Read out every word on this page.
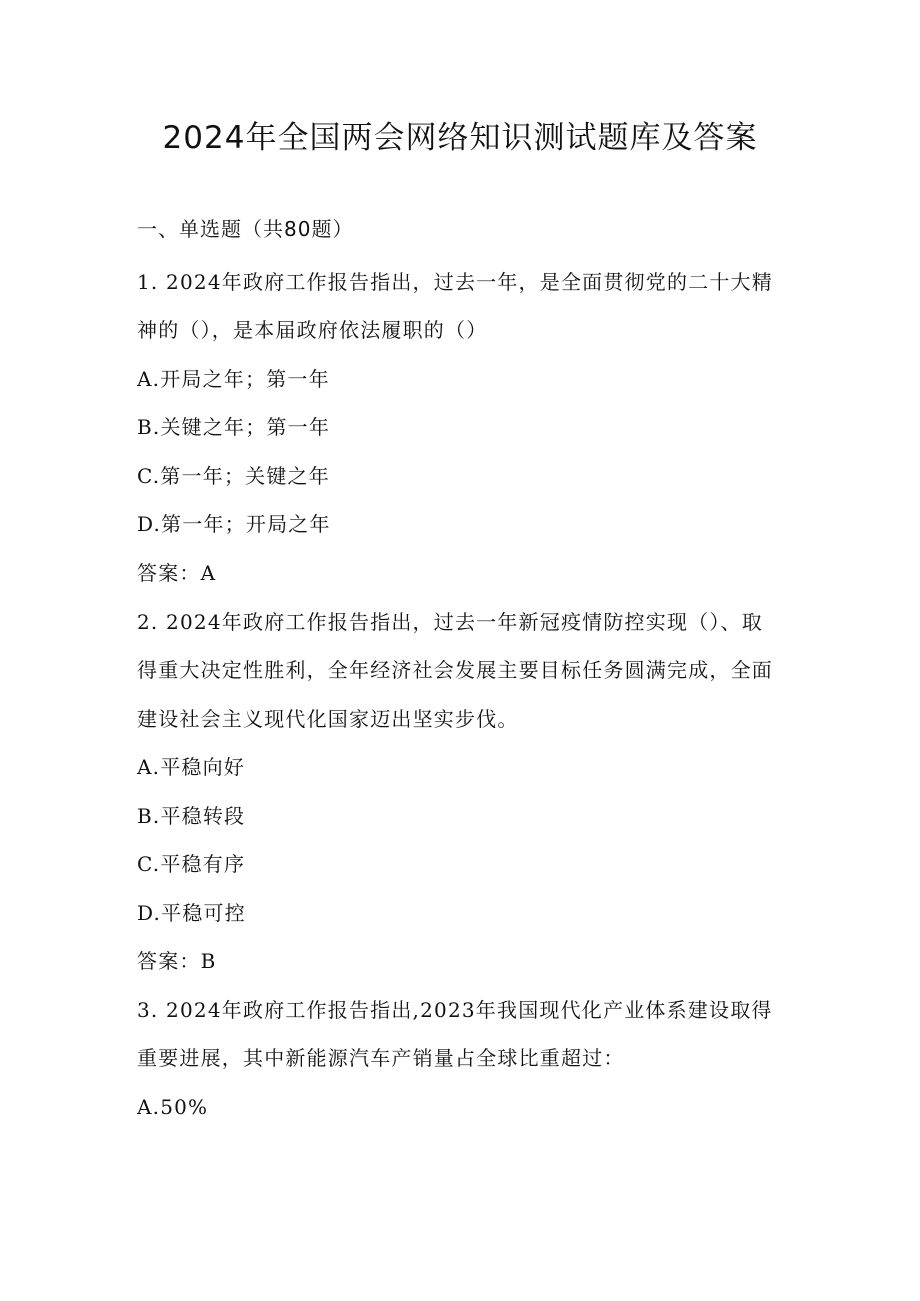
2024年全国两会网络知识测试题库及答案
一、单选题（共80题）
1. 2024年政府工作报告指出，过去一年，是全面贯彻党的二十大精
神的（），是本届政府依法履职的（）
A.开局之年；第一年
B.关键之年；第一年
C.第一年；关键之年
D.第一年；开局之年
答案：A
2. 2024年政府工作报告指出，过去一年新冠疫情防控实现（）、取
得重大决定性胜利，全年经济社会发展主要目标任务圆满完成，全面
建设社会主义现代化国家迈出坚实步伐。
A.平稳向好
B.平稳转段
C.平稳有序
D.平稳可控
答案：B
3. 2024年政府工作报告指出,2023年我国现代化产业体系建设取得
重要进展，其中新能源汽车产销量占全球比重超过：
A.50%
